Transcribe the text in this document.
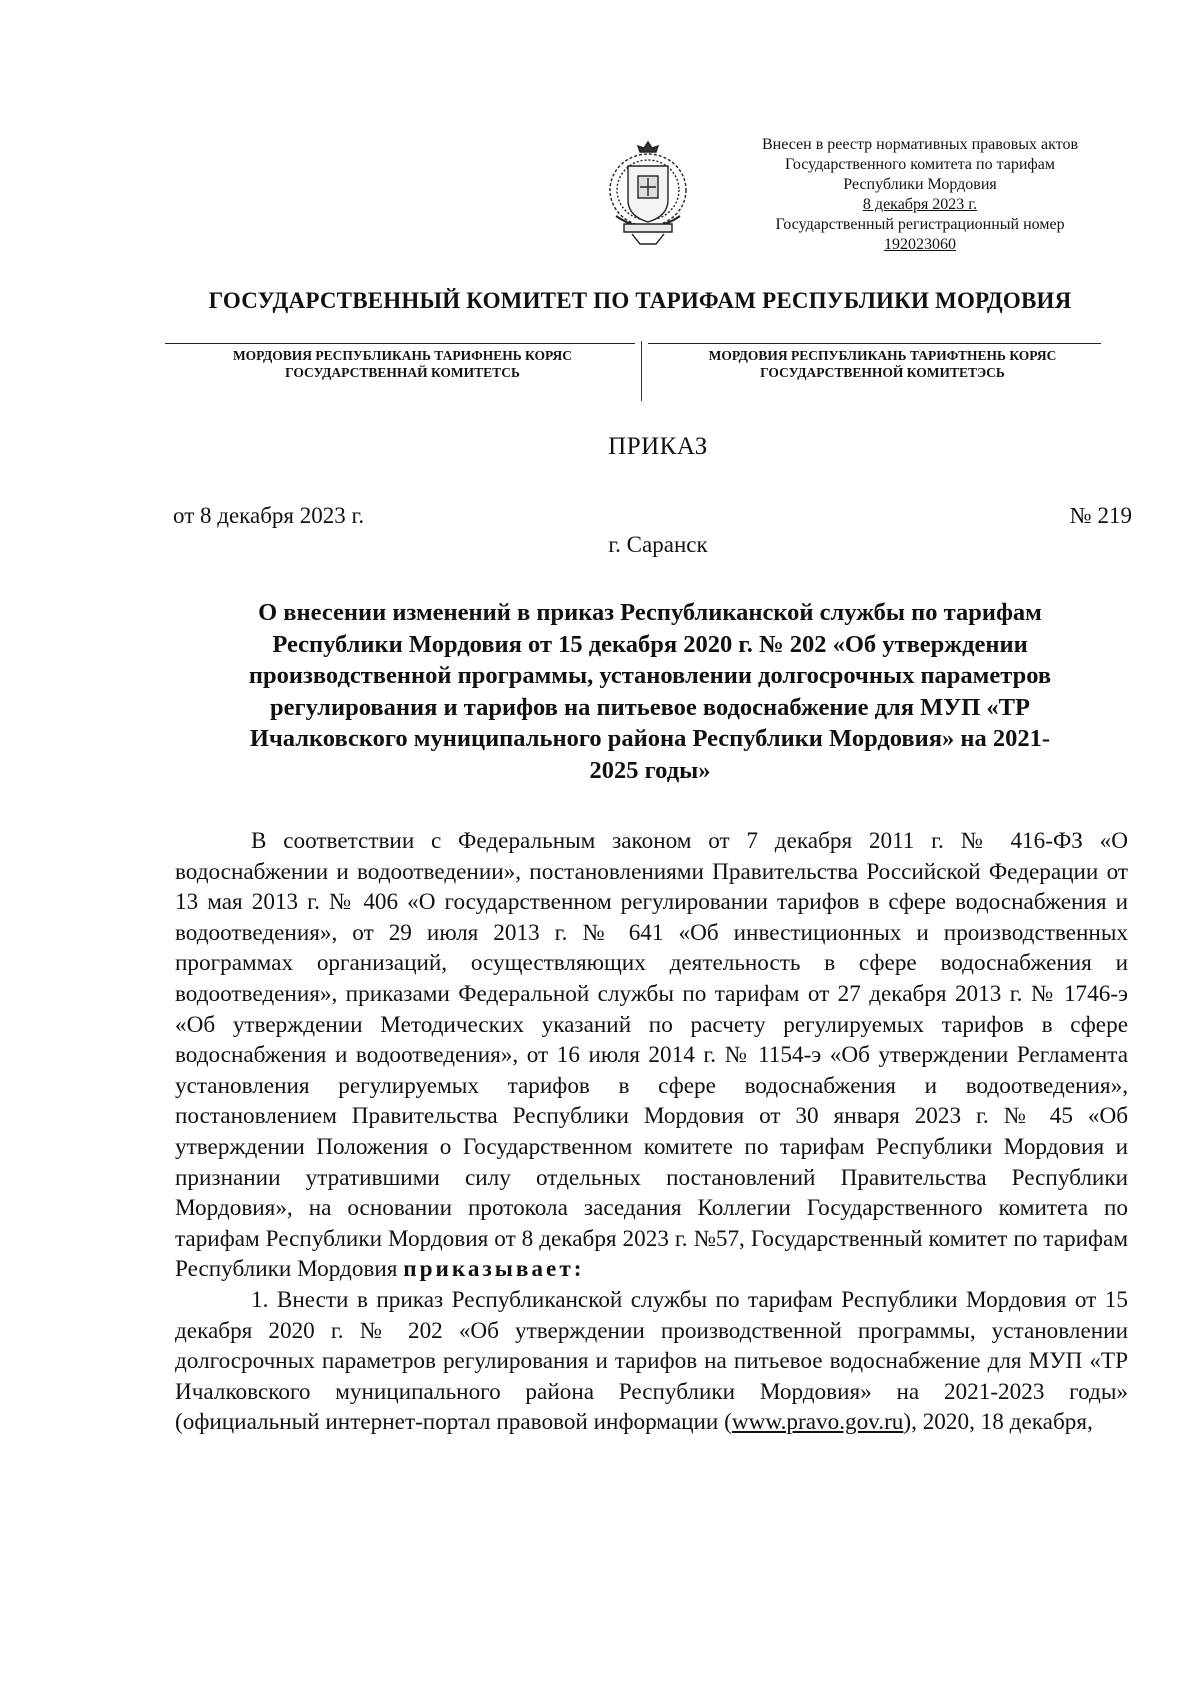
Внесен в реестр нормативных правовых актов
Государственного комитета по тарифам
Республики Мордовия
8 декабря 2023 г.
Государственный регистрационный номер
192023060
ГОСУДАРСТВЕННЫЙ КОМИТЕТ ПО ТАРИФАМ РЕСПУБЛИКИ МОРДОВИЯ
МОРДОВИЯ РЕСПУБЛИКАНЬ ТАРИФНЕНЬ КОРЯС
ГОСУДАРСТВЕННАЙ КОМИТЕТСЬ
МОРДОВИЯ РЕСПУБЛИКАНЬ ТАРИФТНЕНЬ КОРЯС
ГОСУДАРСТВЕННОЙ КОМИТЕТЭСЬ
ПРИКАЗ
от 8 декабря 2023 г.	№ 219
г. Саранск
О внесении изменений в приказ Республиканской службы по тарифам
Республики Мордовия от 15 декабря 2020 г. № 202 «Об утверждении
производственной программы, установлении долгосрочных параметров
регулирования и тарифов на питьевое водоснабжение для МУП «ТР
Ичалковского муниципального района Республики Мордовия» на 2021-
2025 годы»

В соответствии с Федеральным законом от 7 декабря 2011 г. № 416-ФЗ «О водоснабжении и водоотведении», постановлениями Правительства Российской Федерации от 13 мая 2013 г. № 406 «О государственном регулировании тарифов в сфере водоснабжения и водоотведения», от 29 июля 2013 г. № 641 «Об инвестиционных и производственных программах организаций, осуществляющих деятельность в сфере водоснабжения и водоотведения», приказами Федеральной службы по тарифам от 27 декабря 2013 г. № 1746-э «Об утверждении Методических указаний по расчету регулируемых тарифов в сфере водоснабжения и водоотведения», от 16 июля 2014 г. № 1154-э «Об утверждении Регламента установления регулируемых тарифов в сфере водоснабжения и водоотведения», постановлением Правительства Республики Мордовия от 30 января 2023 г. № 45 «Об утверждении Положения о Государственном комитете по тарифам Республики Мордовия и признании утратившими силу отдельных постановлений Правительства Республики Мордовия», на основании протокола заседания Коллегии Государственного комитета по тарифам Республики Мордовия от 8 декабря 2023 г. №57, Государственный комитет по тарифам Республики Мордовия приказывает:

1. Внести в приказ Республиканской службы по тарифам Республики Мордовия от 15 декабря 2020 г. № 202 «Об утверждении производственной программы, установлении долгосрочных параметров регулирования и тарифов на питьевое водоснабжение для МУП «ТР Ичалковского муниципального района Республики Мордовия» на 2021-2023 годы» (официальный интернет-портал правовой информации (www.pravo.gov.ru), 2020, 18 декабря,
